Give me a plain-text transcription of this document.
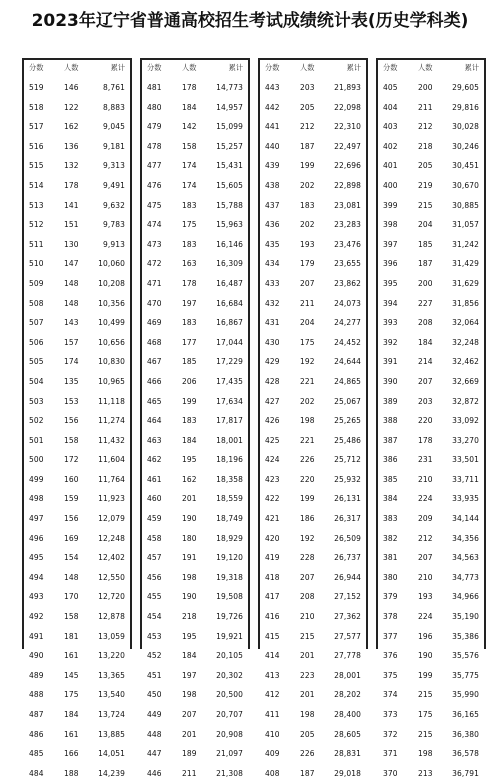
2023年辽宁省普通高校招生考试成绩统计表(历史学科类)
分数	人数	累计
519	146	8,761
518	122	8,883
517	162	9,045
516	136	9,181
515	132	9,313
514	178	9,491
513	141	9,632
512	151	9,783
511	130	9,913
510	147	10,060
509	148	10,208
508	148	10,356
507	143	10,499
506	157	10,656
505	174	10,830
504	135	10,965
503	153	11,118
502	156	11,274
501	158	11,432
500	172	11,604
499	160	11,764
498	159	11,923
497	156	12,079
496	169	12,248
495	154	12,402
494	148	12,550
493	170	12,720
492	158	12,878
491	181	13,059
490	161	13,220
489	145	13,365
488	175	13,540
487	184	13,724
486	161	13,885
485	166	14,051
484	188	14,239
分数	人数	累计
481	178	14,773
480	184	14,957
479	142	15,099
478	158	15,257
477	174	15,431
476	174	15,605
475	183	15,788
474	175	15,963
473	183	16,146
472	163	16,309
471	178	16,487
470	197	16,684
469	183	16,867
468	177	17,044
467	185	17,229
466	206	17,435
465	199	17,634
464	183	17,817
463	184	18,001
462	195	18,196
461	162	18,358
460	201	18,559
459	190	18,749
458	180	18,929
457	191	19,120
456	198	19,318
455	190	19,508
454	218	19,726
453	195	19,921
452	184	20,105
451	197	20,302
450	198	20,500
449	207	20,707
448	201	20,908
447	189	21,097
446	211	21,308
分数	人数	累计
443	203	21,893
442	205	22,098
441	212	22,310
440	187	22,497
439	199	22,696
438	202	22,898
437	183	23,081
436	202	23,283
435	193	23,476
434	179	23,655
433	207	23,862
432	211	24,073
431	204	24,277
430	175	24,452
429	192	24,644
428	221	24,865
427	202	25,067
426	198	25,265
425	221	25,486
424	226	25,712
423	220	25,932
422	199	26,131
421	186	26,317
420	192	26,509
419	228	26,737
418	207	26,944
417	208	27,152
416	210	27,362
415	215	27,577
414	201	27,778
413	223	28,001
412	201	28,202
411	198	28,400
410	205	28,605
409	226	28,831
408	187	29,018
分数	人数	累计
405	200	29,605
404	211	29,816
403	212	30,028
402	218	30,246
401	205	30,451
400	219	30,670
399	215	30,885
398	204	31,057
397	185	31,242
396	187	31,429
395	200	31,629
394	227	31,856
393	208	32,064
392	184	32,248
391	214	32,462
390	207	32,669
389	203	32,872
388	220	33,092
387	178	33,270
386	231	33,501
385	210	33,711
384	224	33,935
383	209	34,144
382	212	34,356
381	207	34,563
380	210	34,773
379	193	34,966
378	224	35,190
377	196	35,386
376	190	35,576
375	199	35,775
374	215	35,990
373	175	36,165
372	215	36,380
371	198	36,578
370	213	36,791
